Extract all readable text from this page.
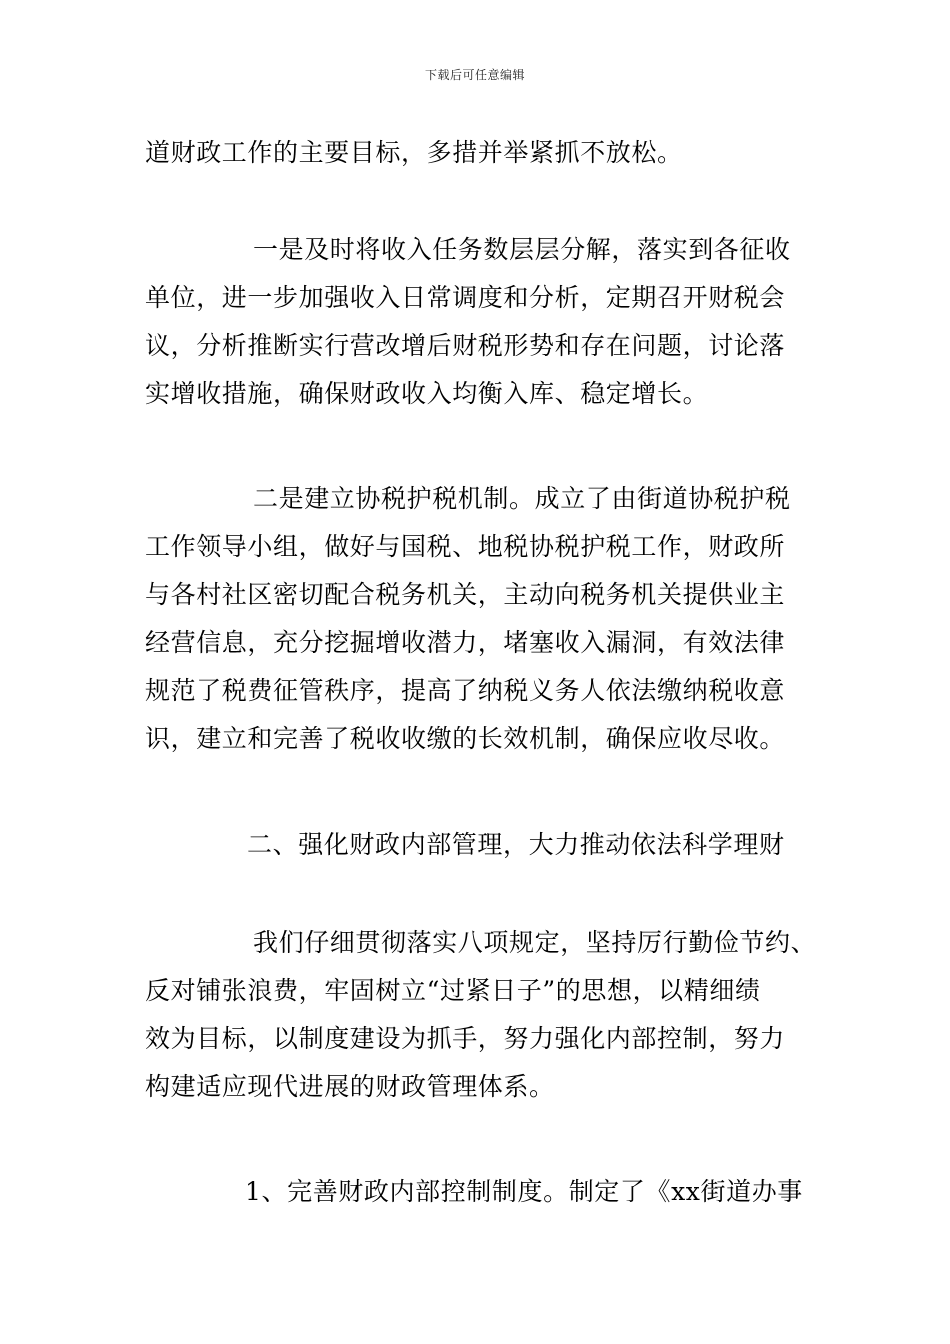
下载后可任意编辑
道财政工作的主要目标，多措并举紧抓不放松。
一是及时将收入任务数层层分解，落实到各征收
单位，进一步加强收入日常调度和分析，定期召开财税会
议，分析推断实行营改增后财税形势和存在问题，讨论落
实增收措施，确保财政收入均衡入库、稳定增长。
二是建立协税护税机制。成立了由街道协税护税
工作领导小组，做好与国税、地税协税护税工作，财政所
与各村社区密切配合税务机关，主动向税务机关提供业主
经营信息，充分挖掘增收潜力，堵塞收入漏洞，有效法律
规范了税费征管秩序，提高了纳税义务人依法缴纳税收意
识，建立和完善了税收收缴的长效机制，确保应收尽收。
二、强化财政内部管理，大力推动依法科学理财
我们仔细贯彻落实八项规定，坚持厉行勤俭节约、
反对铺张浪费，牢固树立“过紧日子”的思想，以精细绩
效为目标，以制度建设为抓手，努力强化内部控制，努力
构建适应现代进展的财政管理体系。
1、完善财政内部控制制度。制定了《xx街道办事
